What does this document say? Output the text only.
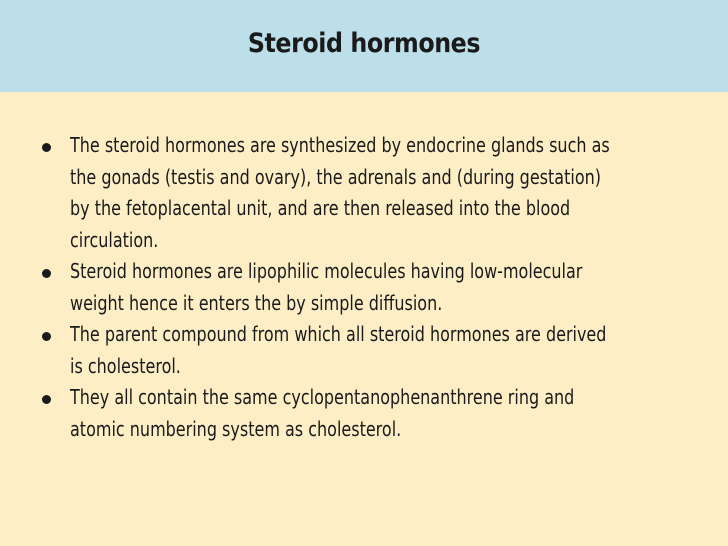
Steroid hormones
The steroid hormones are synthesized by endocrine glands such as
the gonads (testis and ovary), the adrenals and (during gestation)
by the fetoplacental unit, and are then released into the blood
circulation.
Steroid hormones are lipophilic molecules having low-molecular
weight hence it enters the by simple diffusion.
The parent compound from which all steroid hormones are derived
is cholesterol.
They all contain the same cyclopentanophenanthrene ring and
atomic numbering system as cholesterol.
